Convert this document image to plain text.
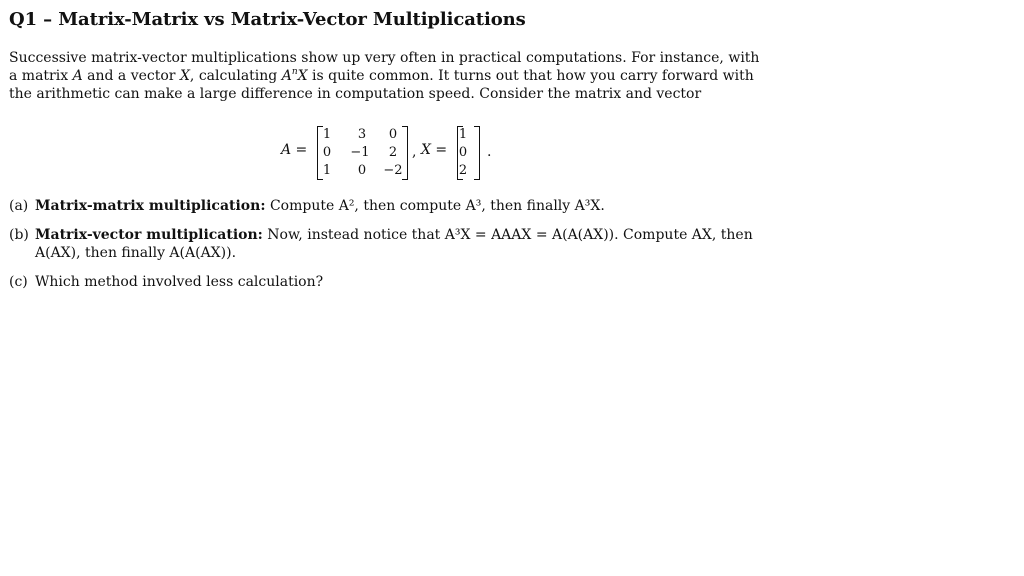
Q1 – Matrix-Matrix vs Matrix-Vector Multiplications

Successive matrix-vector multiplications show up very often in practical computations. For instance, with a matrix A and a vector X, calculating $A^nX$ is quite common. It turns out that how you carry forward with the arithmetic can make a large difference in computation speed. Consider the matrix and vector

A =
1	3	0
0	−1	2
1	0	−2
, X =
1
0
2
.
(a) Matrix-matrix multiplication: Compute A², then compute A³, then finally A³X.
(b) Matrix-vector multiplication: Now, instead notice that A³X = AAAX = A(A(AX)). Compute AX, then A(AX), then finally A(A(AX)).
(c) Which method involved less calculation?
